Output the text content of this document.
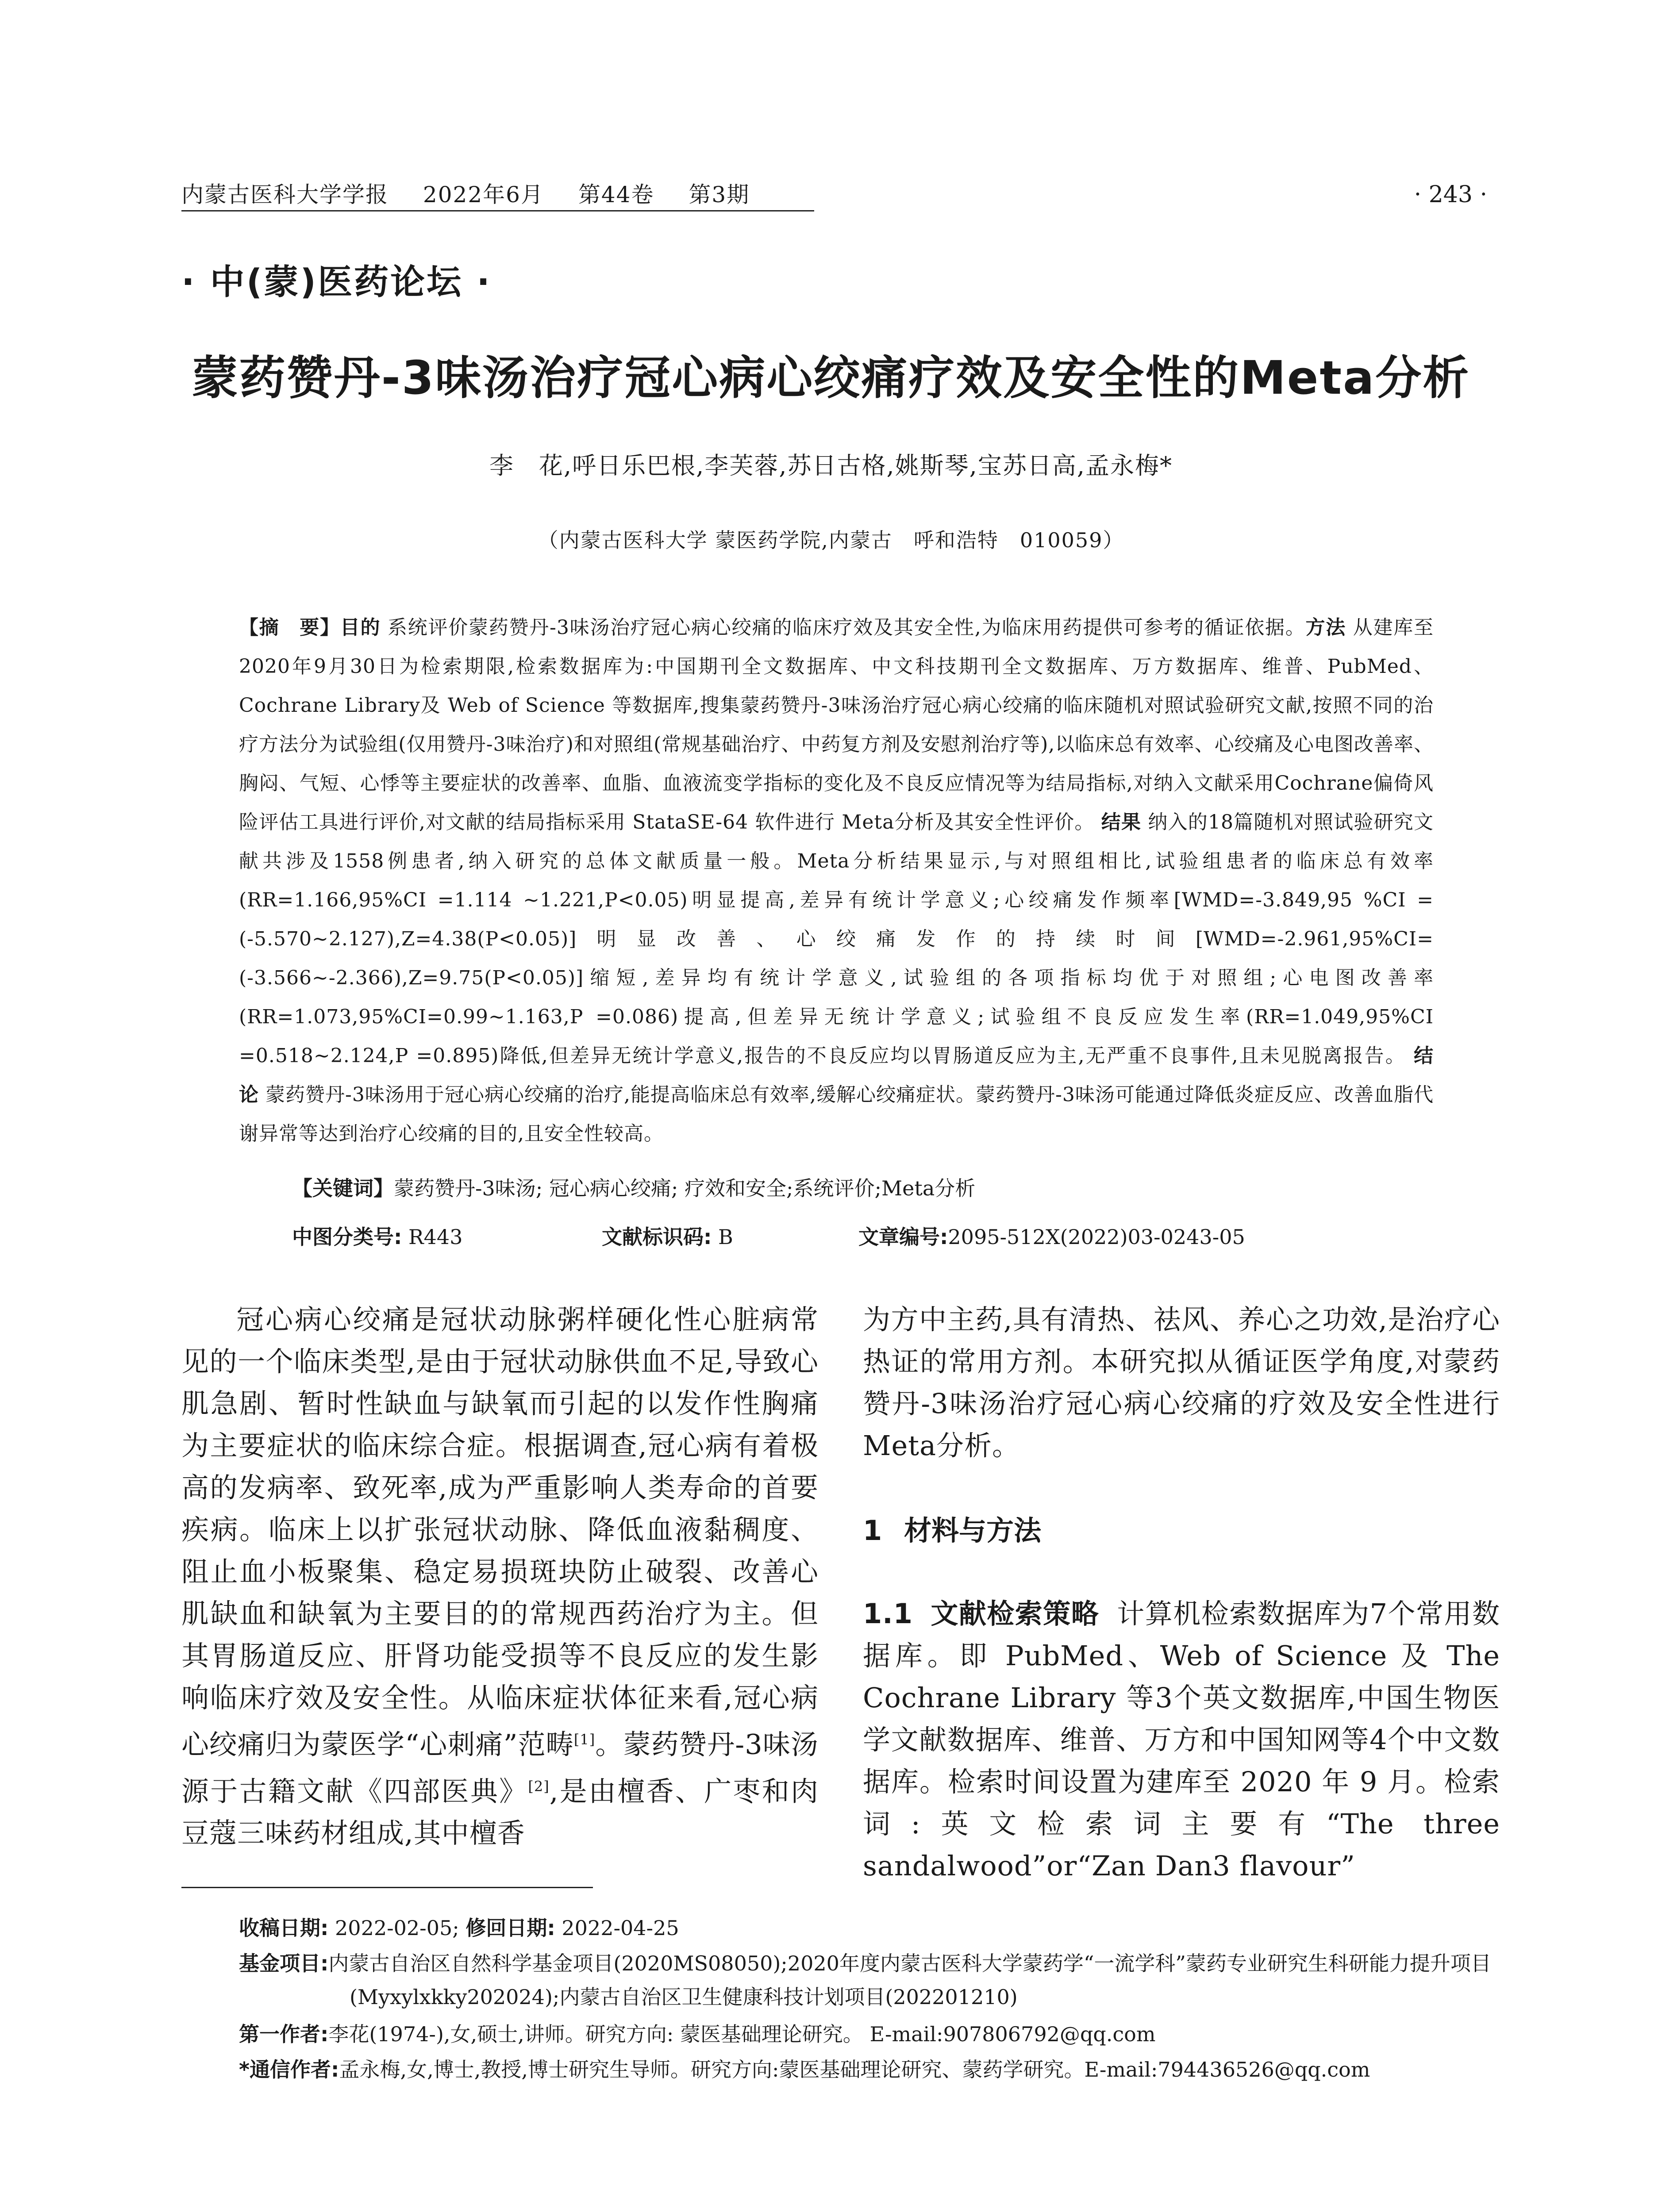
内蒙古医科大学学报 2022年6月 第44卷 第3期	· 243 ·
· 中(蒙)医药论坛 ·
蒙药赞丹-3味汤治疗冠心病心绞痛疗效及安全性的Meta分析
李　花,呼日乐巴根,李芙蓉,苏日古格,姚斯琴,宝苏日高,孟永梅*
（内蒙古医科大学 蒙医药学院,内蒙古　呼和浩特　010059）
【摘　要】目的 系统评价蒙药赞丹-3味汤治疗冠心病心绞痛的临床疗效及其安全性,为临床用药提供可参考的循证依据。方法 从建库至2020年9月30日为检索期限,检索数据库为:中国期刊全文数据库、中文科技期刊全文数据库、万方数据库、维普、PubMed、Cochrane Library及 Web of Science 等数据库,搜集蒙药赞丹-3味汤治疗冠心病心绞痛的临床随机对照试验研究文献,按照不同的治疗方法分为试验组(仅用赞丹-3味治疗)和对照组(常规基础治疗、中药复方剂及安慰剂治疗等),以临床总有效率、心绞痛及心电图改善率、胸闷、气短、心悸等主要症状的改善率、血脂、血液流变学指标的变化及不良反应情况等为结局指标,对纳入文献采用Cochrane偏倚风险评估工具进行评价,对文献的结局指标采用 StataSE-64 软件进行 Meta分析及其安全性评价。 结果 纳入的18篇随机对照试验研究文献共涉及1558例患者,纳入研究的总体文献质量一般。Meta分析结果显示,与对照组相比,试验组患者的临床总有效率(RR=1.166,95%CI =1.114 ~1.221,P<0.05)明显提高,差异有统计学意义;心绞痛发作频率[WMD=-3.849,95 %CI =(-5.570~2.127),Z=4.38(P<0.05)]明显改善、心绞痛发作的持续时间[WMD=-2.961,95%CI=(-3.566~-2.366),Z=9.75(P<0.05)]缩短,差异均有统计学意义,试验组的各项指标均优于对照组;心电图改善率(RR=1.073,95%CI=0.99~1.163,P =0.086)提高,但差异无统计学意义;试验组不良反应发生率(RR=1.049,95%CI =0.518~2.124,P =0.895)降低,但差异无统计学意义,报告的不良反应均以胃肠道反应为主,无严重不良事件,且未见脱离报告。 结论 蒙药赞丹-3味汤用于冠心病心绞痛的治疗,能提高临床总有效率,缓解心绞痛症状。蒙药赞丹-3味汤可能通过降低炎症反应、改善血脂代谢异常等达到治疗心绞痛的目的,且安全性较高。
【关键词】蒙药赞丹-3味汤; 冠心病心绞痛; 疗效和安全;系统评价;Meta分析
中图分类号: R443	文献标识码: B	文章编号:2095-512X(2022)03-0243-05
冠心病心绞痛是冠状动脉粥样硬化性心脏病常见的一个临床类型,是由于冠状动脉供血不足,导致心肌急剧、暂时性缺血与缺氧而引起的以发作性胸痛为主要症状的临床综合症。根据调查,冠心病有着极高的发病率、致死率,成为严重影响人类寿命的首要疾病。临床上以扩张冠状动脉、降低血液黏稠度、阻止血小板聚集、稳定易损斑块防止破裂、改善心肌缺血和缺氧为主要目的的常规西药治疗为主。但其胃肠道反应、肝肾功能受损等不良反应的发生影响临床疗效及安全性。从临床症状体征来看,冠心病心绞痛归为蒙医学“心刺痛”范畴[1]。蒙药赞丹-3味汤源于古籍文献《四部医典》[2],是由檀香、广枣和肉豆蔻三味药材组成,其中檀香
为方中主药,具有清热、祛风、养心之功效,是治疗心热证的常用方剂。本研究拟从循证医学角度,对蒙药赞丹-3味汤治疗冠心病心绞痛的疗效及安全性进行Meta分析。
1 材料与方法
1.1 文献检索策略 计算机检索数据库为7个常用数据库。即 PubMed、Web of Science 及 The Cochrane Library 等3个英文数据库,中国生物医学文献数据库、维普、万方和中国知网等4个中文数据库。检索时间设置为建库至 2020 年 9 月。检索词:英文检索词主要有“The three sandalwood”or“Zan Dan3 flavour”
收稿日期: 2022-02-05; 修回日期: 2022-04-25
基金项目:内蒙古自治区自然科学基金项目(2020MS08050);2020年度内蒙古医科大学蒙药学“一流学科”蒙药专业研究生科研能力提升项目(Myxylxkky202024);内蒙古自治区卫生健康科技计划项目(202201210)
第一作者:李花(1974-),女,硕士,讲师。研究方向: 蒙医基础理论研究。 E-mail:907806792@qq.com
*通信作者:孟永梅,女,博士,教授,博士研究生导师。研究方向:蒙医基础理论研究、蒙药学研究。E-mail:794436526@qq.com
